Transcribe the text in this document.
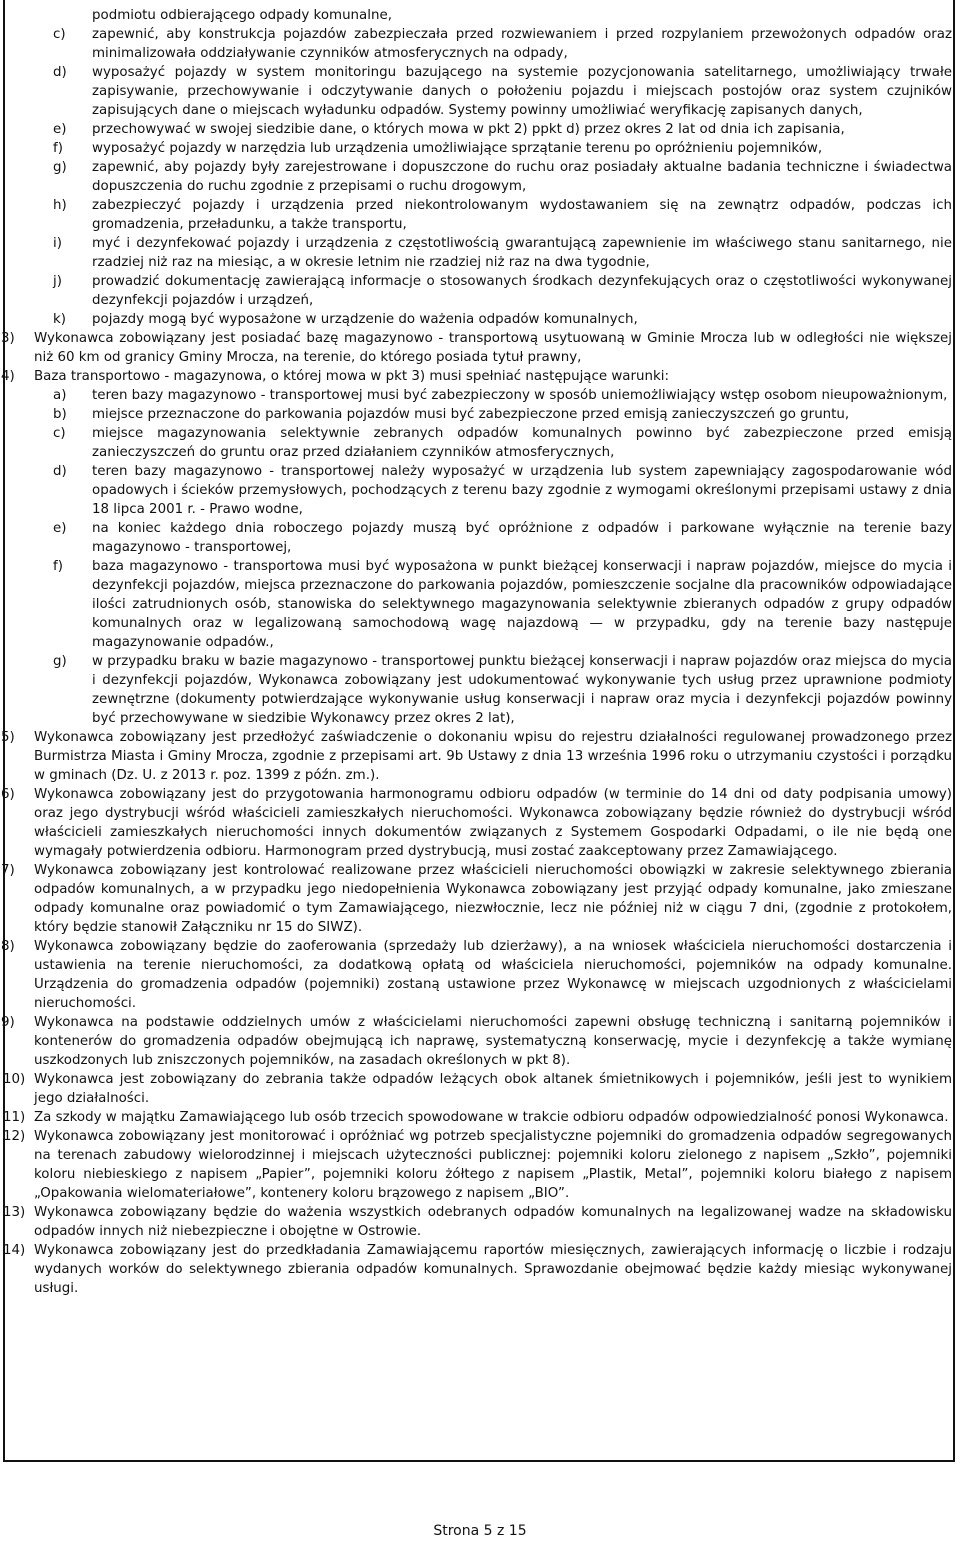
podmiotu odbierającego odpady komunalne,
c) zapewnić, aby konstrukcja pojazdów zabezpieczała przed rozwiewaniem i przed rozpylaniem przewożonych odpadów oraz minimalizowała oddziaływanie czynników atmosferycznych na odpady,
d) wyposażyć pojazdy w system monitoringu bazującego na systemie pozycjonowania satelitarnego, umożliwiający trwałe zapisywanie, przechowywanie i odczytywanie danych o położeniu pojazdu i miejscach postojów oraz system czujników zapisujących dane o miejscach wyładunku odpadów. Systemy powinny umożliwiać weryfikację zapisanych danych,
e) przechowywać w swojej siedzibie dane, o których mowa w pkt 2) ppkt d) przez okres 2 lat od dnia ich zapisania,
f) wyposażyć pojazdy w narzędzia lub urządzenia umożliwiające sprzątanie terenu po opróżnieniu pojemników,
g) zapewnić, aby pojazdy były zarejestrowane i dopuszczone do ruchu oraz posiadały aktualne badania techniczne i świadectwa dopuszczenia do ruchu zgodnie z przepisami o ruchu drogowym,
h) zabezpieczyć pojazdy i urządzenia przed niekontrolowanym wydostawaniem się na zewnątrz odpadów, podczas ich gromadzenia, przeładunku, a także transportu,
i) myć i dezynfekować pojazdy i urządzenia z częstotliwością gwarantującą zapewnienie im właściwego stanu sanitarnego, nie rzadziej niż raz na miesiąc, a w okresie letnim nie rzadziej niż raz na dwa tygodnie,
j) prowadzić dokumentację zawierającą informacje o stosowanych środkach dezynfekujących oraz o częstotliwości wykonywanej dezynfekcji pojazdów i urządzeń,
k) pojazdy mogą być wyposażone w urządzenie do ważenia odpadów komunalnych,
3) Wykonawca zobowiązany jest posiadać bazę magazynowo - transportową usytuowaną w Gminie Mrocza lub w odległości nie większej niż 60 km od granicy Gminy Mrocza, na terenie, do którego posiada tytuł prawny,
4) Baza transportowo - magazynowa, o której mowa w pkt 3) musi spełniać następujące warunki:
a) teren bazy magazynowo - transportowej musi być zabezpieczony w sposób uniemożliwiający wstęp osobom nieupoważnionym,
b) miejsce przeznaczone do parkowania pojazdów musi być zabezpieczone przed emisją zanieczyszczeń go gruntu,
c) miejsce magazynowania selektywnie zebranych odpadów komunalnych powinno być zabezpieczone przed emisją zanieczyszczeń do gruntu oraz przed działaniem czynników atmosferycznych,
d) teren bazy magazynowo - transportowej należy wyposażyć w urządzenia lub system zapewniający zagospodarowanie wód opadowych i ścieków przemysłowych, pochodzących z terenu bazy zgodnie z wymogami określonymi przepisami ustawy z dnia 18 lipca 2001 r. - Prawo wodne,
e) na koniec każdego dnia roboczego pojazdy muszą być opróżnione z odpadów i parkowane wyłącznie na terenie bazy magazynowo - transportowej,
f) baza magazynowo - transportowa musi być wyposażona w punkt bieżącej konserwacji i napraw pojazdów, miejsce do mycia i dezynfekcji pojazdów, miejsca przeznaczone do parkowania pojazdów, pomieszczenie socjalne dla pracowników odpowiadające ilości zatrudnionych osób, stanowiska do selektywnego magazynowania selektywnie zbieranych odpadów z grupy odpadów komunalnych oraz w legalizowaną samochodową wagę najazdową — w przypadku, gdy na terenie bazy następuje magazynowanie odpadów.,
g) w przypadku braku w bazie magazynowo - transportowej punktu bieżącej konserwacji i napraw pojazdów oraz miejsca do mycia i dezynfekcji pojazdów, Wykonawca zobowiązany jest udokumentować wykonywanie tych usług przez uprawnione podmioty zewnętrzne (dokumenty potwierdzające wykonywanie usług konserwacji i napraw oraz mycia i dezynfekcji pojazdów powinny być przechowywane w siedzibie Wykonawcy przez okres 2 lat),
5) Wykonawca zobowiązany jest przedłożyć zaświadczenie o dokonaniu wpisu do rejestru działalności regulowanej prowadzonego przez Burmistrza Miasta i Gminy Mrocza, zgodnie z przepisami art. 9b Ustawy z dnia 13 września 1996 roku o utrzymaniu czystości i porządku w gminach (Dz. U. z 2013 r. poz. 1399 z późn. zm.).
6) Wykonawca zobowiązany jest do przygotowania harmonogramu odbioru odpadów (w terminie do 14 dni od daty podpisania umowy) oraz jego dystrybucji wśród właścicieli zamieszkałych nieruchomości. Wykonawca zobowiązany będzie również do dystrybucji wśród właścicieli zamieszkałych nieruchomości innych dokumentów związanych z Systemem Gospodarki Odpadami, o ile nie będą one wymagały potwierdzenia odbioru. Harmonogram przed dystrybucją, musi zostać zaakceptowany przez Zamawiającego.
7) Wykonawca zobowiązany jest kontrolować realizowane przez właścicieli nieruchomości obowiązki w zakresie selektywnego zbierania odpadów komunalnych, a w przypadku jego niedopełnienia Wykonawca zobowiązany jest przyjąć odpady komunalne, jako zmieszane odpady komunalne oraz powiadomić o tym Zamawiającego, niezwłocznie, lecz nie później niż w ciągu 7 dni, (zgodnie z protokołem, który będzie stanowił Załączniku nr 15 do SIWZ).
8) Wykonawca zobowiązany będzie do zaoferowania (sprzedaży lub dzierżawy), a na wniosek właściciela nieruchomości dostarczenia i ustawienia na terenie nieruchomości, za dodatkową opłatą od właściciela nieruchomości, pojemników na odpady komunalne. Urządzenia do gromadzenia odpadów (pojemniki) zostaną ustawione przez Wykonawcę w miejscach uzgodnionych z właścicielami nieruchomości.
9) Wykonawca na podstawie oddzielnych umów z właścicielami nieruchomości zapewni obsługę techniczną i sanitarną pojemników i kontenerów do gromadzenia odpadów obejmującą ich naprawę, systematyczną konserwację, mycie i dezynfekcję a także wymianę uszkodzonych lub zniszczonych pojemników, na zasadach określonych w pkt 8).
10) Wykonawca jest zobowiązany do zebrania także odpadów leżących obok altanek śmietnikowych i pojemników, jeśli jest to wynikiem jego działalności.
11) Za szkody w majątku Zamawiającego lub osób trzecich spowodowane w trakcie odbioru odpadów odpowiedzialność ponosi Wykonawca.
12) Wykonawca zobowiązany jest monitorować i opróżniać wg potrzeb specjalistyczne pojemniki do gromadzenia odpadów segregowanych na terenach zabudowy wielorodzinnej i miejscach użyteczności publicznej: pojemniki koloru zielonego z napisem „Szkło”, pojemniki koloru niebieskiego z napisem „Papier”, pojemniki koloru żółtego z napisem „Plastik, Metal”, pojemniki koloru białego z napisem „Opakowania wielomateriałowe”, kontenery koloru brązowego z napisem „BIO”.
13) Wykonawca zobowiązany będzie do ważenia wszystkich odebranych odpadów komunalnych na legalizowanej wadze na składowisku odpadów innych niż niebezpieczne i obojętne w Ostrowie.
14) Wykonawca zobowiązany jest do przedkładania Zamawiającemu raportów miesięcznych, zawierających informację o liczbie i rodzaju wydanych worków do selektywnego zbierania odpadów komunalnych. Sprawozdanie obejmować będzie każdy miesiąc wykonywanej usługi.
Strona 5 z 15
